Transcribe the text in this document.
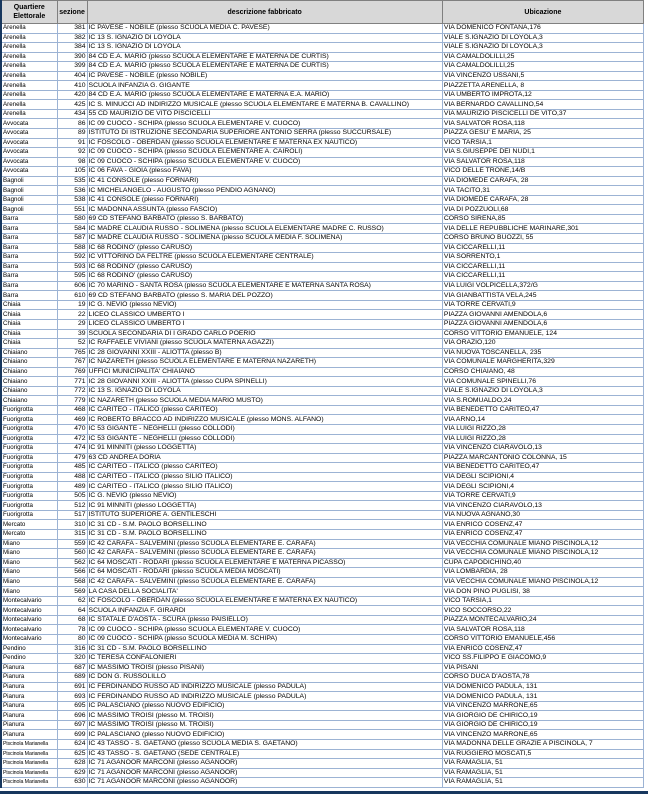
Quartiere Elettorale	sezione	descrizione fabbricato	Ubicazione
Arenella	381	IC PAVESE - NOBILE (plesso SCUOLA MEDIA C. PAVESE)	VIA DOMENICO FONTANA,176
Arenella	382	IC 13 S. IGNAZIO DI LOYOLA	VIALE S.IGNAZIO DI LOYOLA,3
Arenella	384	IC 13 S. IGNAZIO DI LOYOLA	VIALE S.IGNAZIO DI LOYOLA,3
Arenella	390	84 CD E.A. MARIO (plesso SCUOLA ELEMENTARE E MATERNA DE CURTIS)	VIA CAMALDOLILLI,25
Arenella	399	84 CD E.A. MARIO (plesso SCUOLA ELEMENTARE E MATERNA DE CURTIS)	VIA CAMALDOLILLI,25
Arenella	404	IC PAVESE - NOBILE (plesso NOBILE)	VIA VINCENZO USSANI,5
Arenella	410	SCUOLA INFANZIA G. GIGANTE	PIAZZETTA ARENELLA, 8
Arenella	420	84 CD E.A. MARIO (plesso SCUOLA ELEMENTARE E MATERNA E.A. MARIO)	VIA UMBERTO IMPROTA,12
Arenella	425	IC S. MINUCCI AD INDIRIZZO MUSICALE (plesso SCUOLA ELEMENTARE E MATERNA B. CAVALLINO)	VIA BERNARDO CAVALLINO,54
Arenella	434	55 CD MAURIZIO DE VITO PISCICELLI	VIA MAURIZIO PISCICELLI DE VITO,37
Avvocata	86	IC 09 CUOCO - SCHIPA (plesso SCUOLA ELEMENTARE V. CUOCO)	VIA SALVATOR ROSA,118
Avvocata	89	ISTITUTO DI ISTRUZIONE SECONDARIA SUPERIORE ANTONIO SERRA (plesso SUCCURSALE)	PIAZZA GESU' E MARIA, 25
Avvocata	91	IC FOSCOLO - OBERDAN (plesso SCUOLA ELEMENTARE E MATERNA EX NAUTICO)	VICO TARSIA,1
Avvocata	92	IC 09 CUOCO - SCHIPA (plesso SCUOLA ELEMENTARE A. CAIROLI)	VIA S.GIUSEPPE DEI NUDI,1
Avvocata	98	IC 09 CUOCO - SCHIPA (plesso SCUOLA ELEMENTARE V. CUOCO)	VIA SALVATOR ROSA,118
Avvocata	105	IC 06 FAVA - GIOIA (plesso FAVA)	VICO DELLE TRONE,14/B
Bagnoli	535	IC 41 CONSOLE (plesso FORNARI)	VIA DIOMEDE CARAFA, 28
Bagnoli	536	IC MICHELANGELO - AUGUSTO (plesso PENDIO AGNANO)	VIA TACITO,31
Bagnoli	538	IC 41 CONSOLE (plesso FORNARI)	VIA DIOMEDE CARAFA, 28
Bagnoli	551	IC MADONNA ASSUNTA (plesso FASCIO)	VIA DI POZZUOLI,68
Barra	580	69 CD STEFANO BARBATO (plesso S. BARBATO)	CORSO SIRENA,85
Barra	584	IC MADRE CLAUDIA RUSSO - SOLIMENA (plesso SCUOLA ELEMENTARE MADRE C. RUSSO)	VIA DELLE REPUBBLICHE MARINARE,301
Barra	587	IC MADRE CLAUDIA RUSSO - SOLIMENA (plesso SCUOLA MEDIA F. SOLIMENA)	CORSO BRUNO BUOZZI, 55
Barra	588	IC 68 RODINO' (plesso CARUSO)	VIA CICCARELLI,11
Barra	592	IC VITTORINO DA FELTRE (plesso SCUOLA ELEMENTARE CENTRALE)	VIA SORRENTO,1
Barra	593	IC 68 RODINO' (plesso CARUSO)	VIA CICCARELLI,11
Barra	595	IC 68 RODINO' (plesso CARUSO)	VIA CICCARELLI,11
Barra	606	IC 70 MARINO - SANTA ROSA (plesso SCUOLA ELEMENTARE E MATERNA SANTA ROSA)	VIA LUIGI VOLPICELLA,372/G
Barra	610	69 CD STEFANO BARBATO (plesso S. MARIA DEL POZZO)	VIA GIANBATTISTA VELA,245
Chiaia	19	IC G. NEVIO (plesso NEVIO)	VIA TORRE CERVATI,9
Chiaia	22	LICEO CLASSICO UMBERTO I	PIAZZA GIOVANNI AMENDOLA,6
Chiaia	29	LICEO CLASSICO UMBERTO I	PIAZZA GIOVANNI AMENDOLA,6
Chiaia	39	SCUOLA SECONDARIA DI I GRADO CARLO POERIO	CORSO VITTORIO EMANUELE, 124
Chiaia	52	IC RAFFAELE VIVIANI (plesso SCUOLA MATERNA AGAZZI)	VIA ORAZIO,120
Chiaiano	765	IC 28 GIOVANNI XXIII - ALIOTTA (plesso B)	VIA NUOVA TOSCANELLA, 235
Chiaiano	767	IC NAZARETH (plesso SCUOLA ELEMENTARE E MATERNA NAZARETH)	VIA COMUNALE MARGHERITA,329
Chiaiano	769	UFFICI MUNICIPALITA' CHIAIANO	CORSO CHIAIANO, 48
Chiaiano	771	IC 28 GIOVANNI XXIII - ALIOTTA (plesso CUPA SPINELLI)	VIA COMUNALE SPINELLI,76
Chiaiano	772	IC 13 S. IGNAZIO DI LOYOLA	VIALE S.IGNAZIO DI LOYOLA,3
Chiaiano	779	IC NAZARETH (plesso SCUOLA MEDIA MARIO MUSTO)	VIA S.ROMUALDO,24
Fuorigrotta	468	IC CARITEO - ITALICO (plesso CARITEO)	VIA BENEDETTO CARITEO,47
Fuorigrotta	469	IC ROBERTO BRACCO AD INDIRIZZO MUSICALE (plesso MONS. ALFANO)	VIA ARNO,14
Fuorigrotta	470	IC 53 GIGANTE - NEGHELLI (plesso COLLODI)	VIA LUIGI RIZZO,28
Fuorigrotta	472	IC 53 GIGANTE - NEGHELLI (plesso COLLODI)	VIA LUIGI RIZZO,28
Fuorigrotta	474	IC 91 MINNITI (plesso LOGGETTA)	VIA VINCENZO CIARAVOLO,13
Fuorigrotta	479	63 CD ANDREA DORIA	PIAZZA MARCANTONIO COLONNA, 15
Fuorigrotta	485	IC CARITEO - ITALICO (plesso CARITEO)	VIA BENEDETTO CARITEO,47
Fuorigrotta	488	IC CARITEO - ITALICO (plesso SILIO ITALICO)	VIA DEGLI SCIPIONI,4
Fuorigrotta	489	IC CARITEO - ITALICO (plesso SILIO ITALICO)	VIA DEGLI SCIPIONI,4
Fuorigrotta	505	IC G. NEVIO (plesso NEVIO)	VIA TORRE CERVATI,9
Fuorigrotta	512	IC 91 MINNITI (plesso LOGGETTA)	VIA VINCENZO CIARAVOLO,13
Fuorigrotta	517	ISTITUTO SUPERIORE A. GENTILESCHI	VIA NUOVA AGNANO,30
Mercato	310	IC 31 CD - S.M. PAOLO BORSELLINO	VIA ENRICO COSENZ,47
Mercato	315	IC 31 CD - S.M. PAOLO BORSELLINO	VIA ENRICO COSENZ,47
Miano	559	IC 42 CARAFA - SALVEMINI (plesso SCUOLA ELEMENTARE E. CARAFA)	VIA VECCHIA COMUNALE MIANO PISCINOLA,12
Miano	560	IC 42 CARAFA - SALVEMINI (plesso SCUOLA ELEMENTARE E. CARAFA)	VIA VECCHIA COMUNALE MIANO PISCINOLA,12
Miano	562	IC 64 MOSCATI - RODARI (plesso SCUOLA ELEMENTARE E MATERNA PICASSO)	CUPA CAPODICHINO,40
Miano	566	IC 64 MOSCATI - RODARI (plesso SCUOLA MEDIA MOSCATI)	VIA LOMBARDIA, 28
Miano	568	IC 42 CARAFA - SALVEMINI (plesso SCUOLA ELEMENTARE E. CARAFA)	VIA VECCHIA COMUNALE MIANO PISCINOLA,12
Miano	569	LA CASA DELLA SOCIALITA'	VIA DON PINO PUGLISI, 38
Montecalvario	62	IC FOSCOLO - OBERDAN (plesso SCUOLA ELEMENTARE E MATERNA EX NAUTICO)	VICO TARSIA,1
Montecalvario	64	SCUOLA INFANZIA F. GIRARDI	VICO SOCCORSO,22
Montecalvario	68	IC STATALE D'AOSTA - SCURA (plesso PAISIELLO)	PIAZZA MONTECALVARIO,24
Montecalvario	78	IC 09 CUOCO - SCHIPA (plesso SCUOLA ELEMENTARE V. CUOCO)	VIA SALVATOR ROSA,118
Montecalvario	80	IC 09 CUOCO - SCHIPA (plesso SCUOLA MEDIA M. SCHIPA)	CORSO VITTORIO EMANUELE,456
Pendino	316	IC 31 CD - S.M. PAOLO BORSELLINO	VIA ENRICO COSENZ,47
Pendino	320	IC TERESA CONFALONIERI	VICO SS.FILIPPO E GIACOMO,9
Pianura	687	IC MASSIMO TROISI (plesso PISANI)	VIA PISANI
Pianura	689	IC DON G. RUSSOLILLO	CORSO DUCA D'AOSTA,78
Pianura	691	IC FERDINANDO RUSSO AD INDIRIZZO MUSICALE (plesso PADULA)	VIA DOMENICO PADULA, 131
Pianura	693	IC FERDINANDO RUSSO AD INDIRIZZO MUSICALE (plesso PADULA)	VIA DOMENICO PADULA, 131
Pianura	695	IC PALASCIANO (plesso NUOVO EDIFICIO)	VIA VINCENZO MARRONE,65
Pianura	696	IC MASSIMO TROISI (plesso M. TROISI)	VIA GIORGIO DE CHIRICO,19
Pianura	697	IC MASSIMO TROISI (plesso M. TROISI)	VIA GIORGIO DE CHIRICO,19
Pianura	699	IC PALASCIANO (plesso NUOVO EDIFICIO)	VIA VINCENZO MARRONE,65
Piscinola Marianella	624	IC 43 TASSO - S. GAETANO (plesso SCUOLA MEDIA S. GAETANO)	VIA MADONNA DELLE GRAZIE A PISCINOLA, 7
Piscinola Marianella	625	IC 43 TASSO - S. GAETANO (SEDE CENTRALE)	VIA RUGGIERO MOSCATI,5
Piscinola Marianella	628	IC 71 AGANOOR MARCONI (plesso AGANOOR)	VIA RAMAGLIA, 51
Piscinola Marianella	629	IC 71 AGANOOR MARCONI (plesso AGANOOR)	VIA RAMAGLIA, 51
Piscinola Marianella	630	IC 71 AGANOOR MARCONI (plesso AGANOOR)	VIA RAMAGLIA, 51
